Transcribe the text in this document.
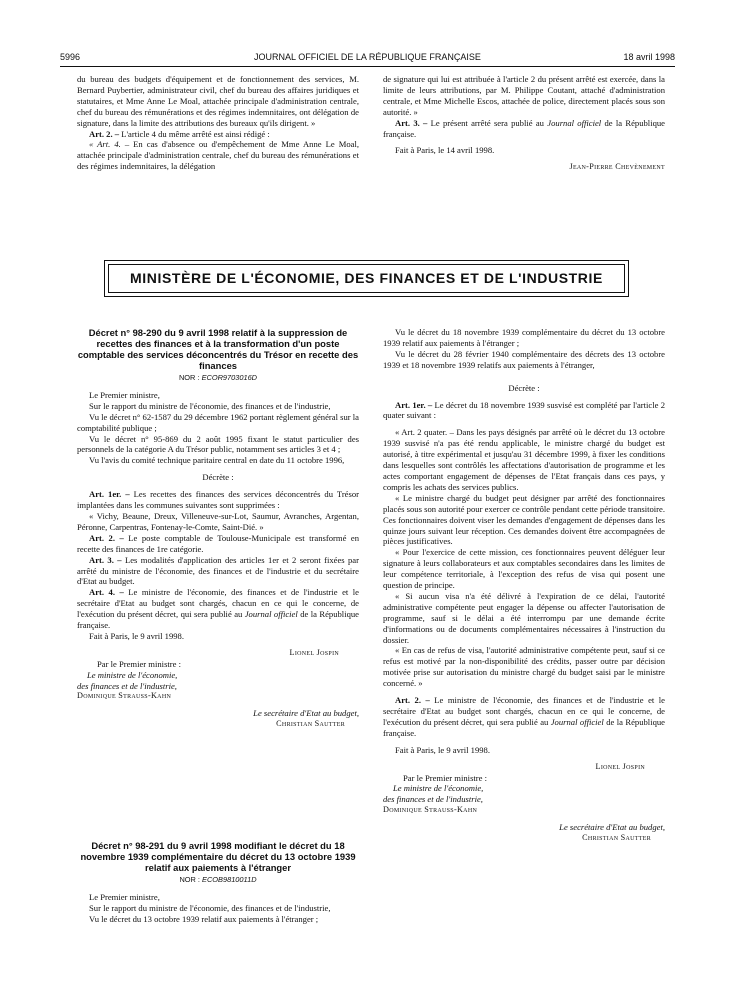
5996	JOURNAL OFFICIEL DE LA RÉPUBLIQUE FRANÇAISE	18 avril 1998

du bureau des budgets d'équipement et de fonctionnement des services, M. Bernard Puybertier, administrateur civil, chef du bureau des affaires juridiques et statutaires, et Mme Anne Le Moal, attachée principale d'administration centrale, chef du bureau des rémunérations et des régimes indemnitaires, ont délégation de signature, dans la limite des attributions des bureaux qu'ils dirigent. »

Art. 2. – L'article 4 du même arrêté est ainsi rédigé :

« Art. 4. – En cas d'absence ou d'empêchement de Mme Anne Le Moal, attachée principale d'administration centrale, chef du bureau des rémunérations et des régimes indemnitaires, la délégation

de signature qui lui est attribuée à l'article 2 du présent arrêté est exercée, dans la limite de leurs attributions, par M. Philippe Coutant, attaché d'administration centrale, et Mme Michelle Escos, attachée de police, directement placés sous son autorité. »

Art. 3. – Le présent arrêté sera publié au Journal officiel de la République française.

Fait à Paris, le 14 avril 1998.

Jean-Pierre Chevènement

MINISTÈRE DE L'ÉCONOMIE, DES FINANCES ET DE L'INDUSTRIE

Décret n° 98-290 du 9 avril 1998 relatif à la suppression de recettes des finances et à la transformation d'un poste comptable des services déconcentrés du Trésor en recette des finances

NOR : ECOR9703016D

Le Premier ministre,

Sur le rapport du ministre de l'économie, des finances et de l'industrie,

Vu le décret n° 62-1587 du 29 décembre 1962 portant règlement général sur la comptabilité publique ;

Vu le décret n° 95-869 du 2 août 1995 fixant le statut particulier des personnels de la catégorie A du Trésor public, notamment ses articles 3 et 4 ;

Vu l'avis du comité technique paritaire central en date du 11 octobre 1996,

Décrète :

Art. 1er. – Les recettes des finances des services déconcentrés du Trésor implantées dans les communes suivantes sont supprimées :

« Vichy, Beaune, Dreux, Villeneuve-sur-Lot, Saumur, Avranches, Argentan, Péronne, Carpentras, Fontenay-le-Comte, Saint-Dié. »

Art. 2. – Le poste comptable de Toulouse-Municipale est transformé en recette des finances de 1re catégorie.

Art. 3. – Les modalités d'application des articles 1er et 2 seront fixées par arrêté du ministre de l'économie, des finances et de l'industrie et du secrétaire d'Etat au budget.

Art. 4. – Le ministre de l'économie, des finances et de l'industrie et le secrétaire d'Etat au budget sont chargés, chacun en ce qui le concerne, de l'exécution du présent décret, qui sera publié au Journal officiel de la République française.

Fait à Paris, le 9 avril 1998.

Lionel Jospin

Par le Premier ministre :

Le ministre de l'économie,

des finances et de l'industrie,

Dominique Strauss-Kahn

Le secrétaire d'Etat au budget,

Christian Sautter

Décret n° 98-291 du 9 avril 1998 modifiant le décret du 18 novembre 1939 complémentaire du décret du 13 octobre 1939 relatif aux paiements à l'étranger

NOR : ECOB9810011D

Le Premier ministre,

Sur le rapport du ministre de l'économie, des finances et de l'industrie,

Vu le décret du 13 octobre 1939 relatif aux paiements à l'étranger ;

Vu le décret du 18 novembre 1939 complémentaire du décret du 13 octobre 1939 relatif aux paiements à l'étranger ;

Vu le décret du 28 février 1940 complémentaire des décrets des 13 octobre 1939 et 18 novembre 1939 relatifs aux paiements à l'étranger,

Décrète :

Art. 1er. – Le décret du 18 novembre 1939 susvisé est complété par l'article 2 quater suivant :

« Art. 2 quater. – Dans les pays désignés par arrêté où le décret du 13 octobre 1939 susvisé n'a pas été rendu applicable, le ministre chargé du budget est autorisé, à titre expérimental et jusqu'au 31 décembre 1999, à fixer les conditions dans lesquelles sont contrôlés les affectations d'autorisation de programme et les actes comportant engagement de dépenses de l'Etat français dans ces pays, y compris les achats des services publics.

« Le ministre chargé du budget peut désigner par arrêté des fonctionnaires placés sous son autorité pour exercer ce contrôle pendant cette période transitoire. Ces fonctionnaires doivent viser les demandes d'engagement de dépenses dans les quinze jours suivant leur réception. Ces demandes doivent être accompagnées de pièces justificatives.

« Pour l'exercice de cette mission, ces fonctionnaires peuvent déléguer leur signature à leurs collaborateurs et aux comptables secondaires dans les limites de leur compétence territoriale, à l'exception des refus de visa qui posent une question de principe.

« Si aucun visa n'a été délivré à l'expiration de ce délai, l'autorité administrative compétente peut engager la dépense ou affecter l'autorisation de programme, sauf si le délai a été interrompu par une demande écrite d'informations ou de documents complémentaires nécessaires à l'instruction du dossier.

« En cas de refus de visa, l'autorité administrative compétente peut, sauf si ce refus est motivé par la non-disponibilité des crédits, passer outre par décision motivée prise sur autorisation du ministre chargé du budget saisi par le ministre concerné. »

Art. 2. – Le ministre de l'économie, des finances et de l'industrie et le secrétaire d'Etat au budget sont chargés, chacun en ce qui le concerne, de l'exécution du présent décret, qui sera publié au Journal officiel de la République française.

Fait à Paris, le 9 avril 1998.

Lionel Jospin

Par le Premier ministre :

Le ministre de l'économie,

des finances et de l'industrie,

Dominique Strauss-Kahn

Le secrétaire d'Etat au budget,

Christian Sautter
